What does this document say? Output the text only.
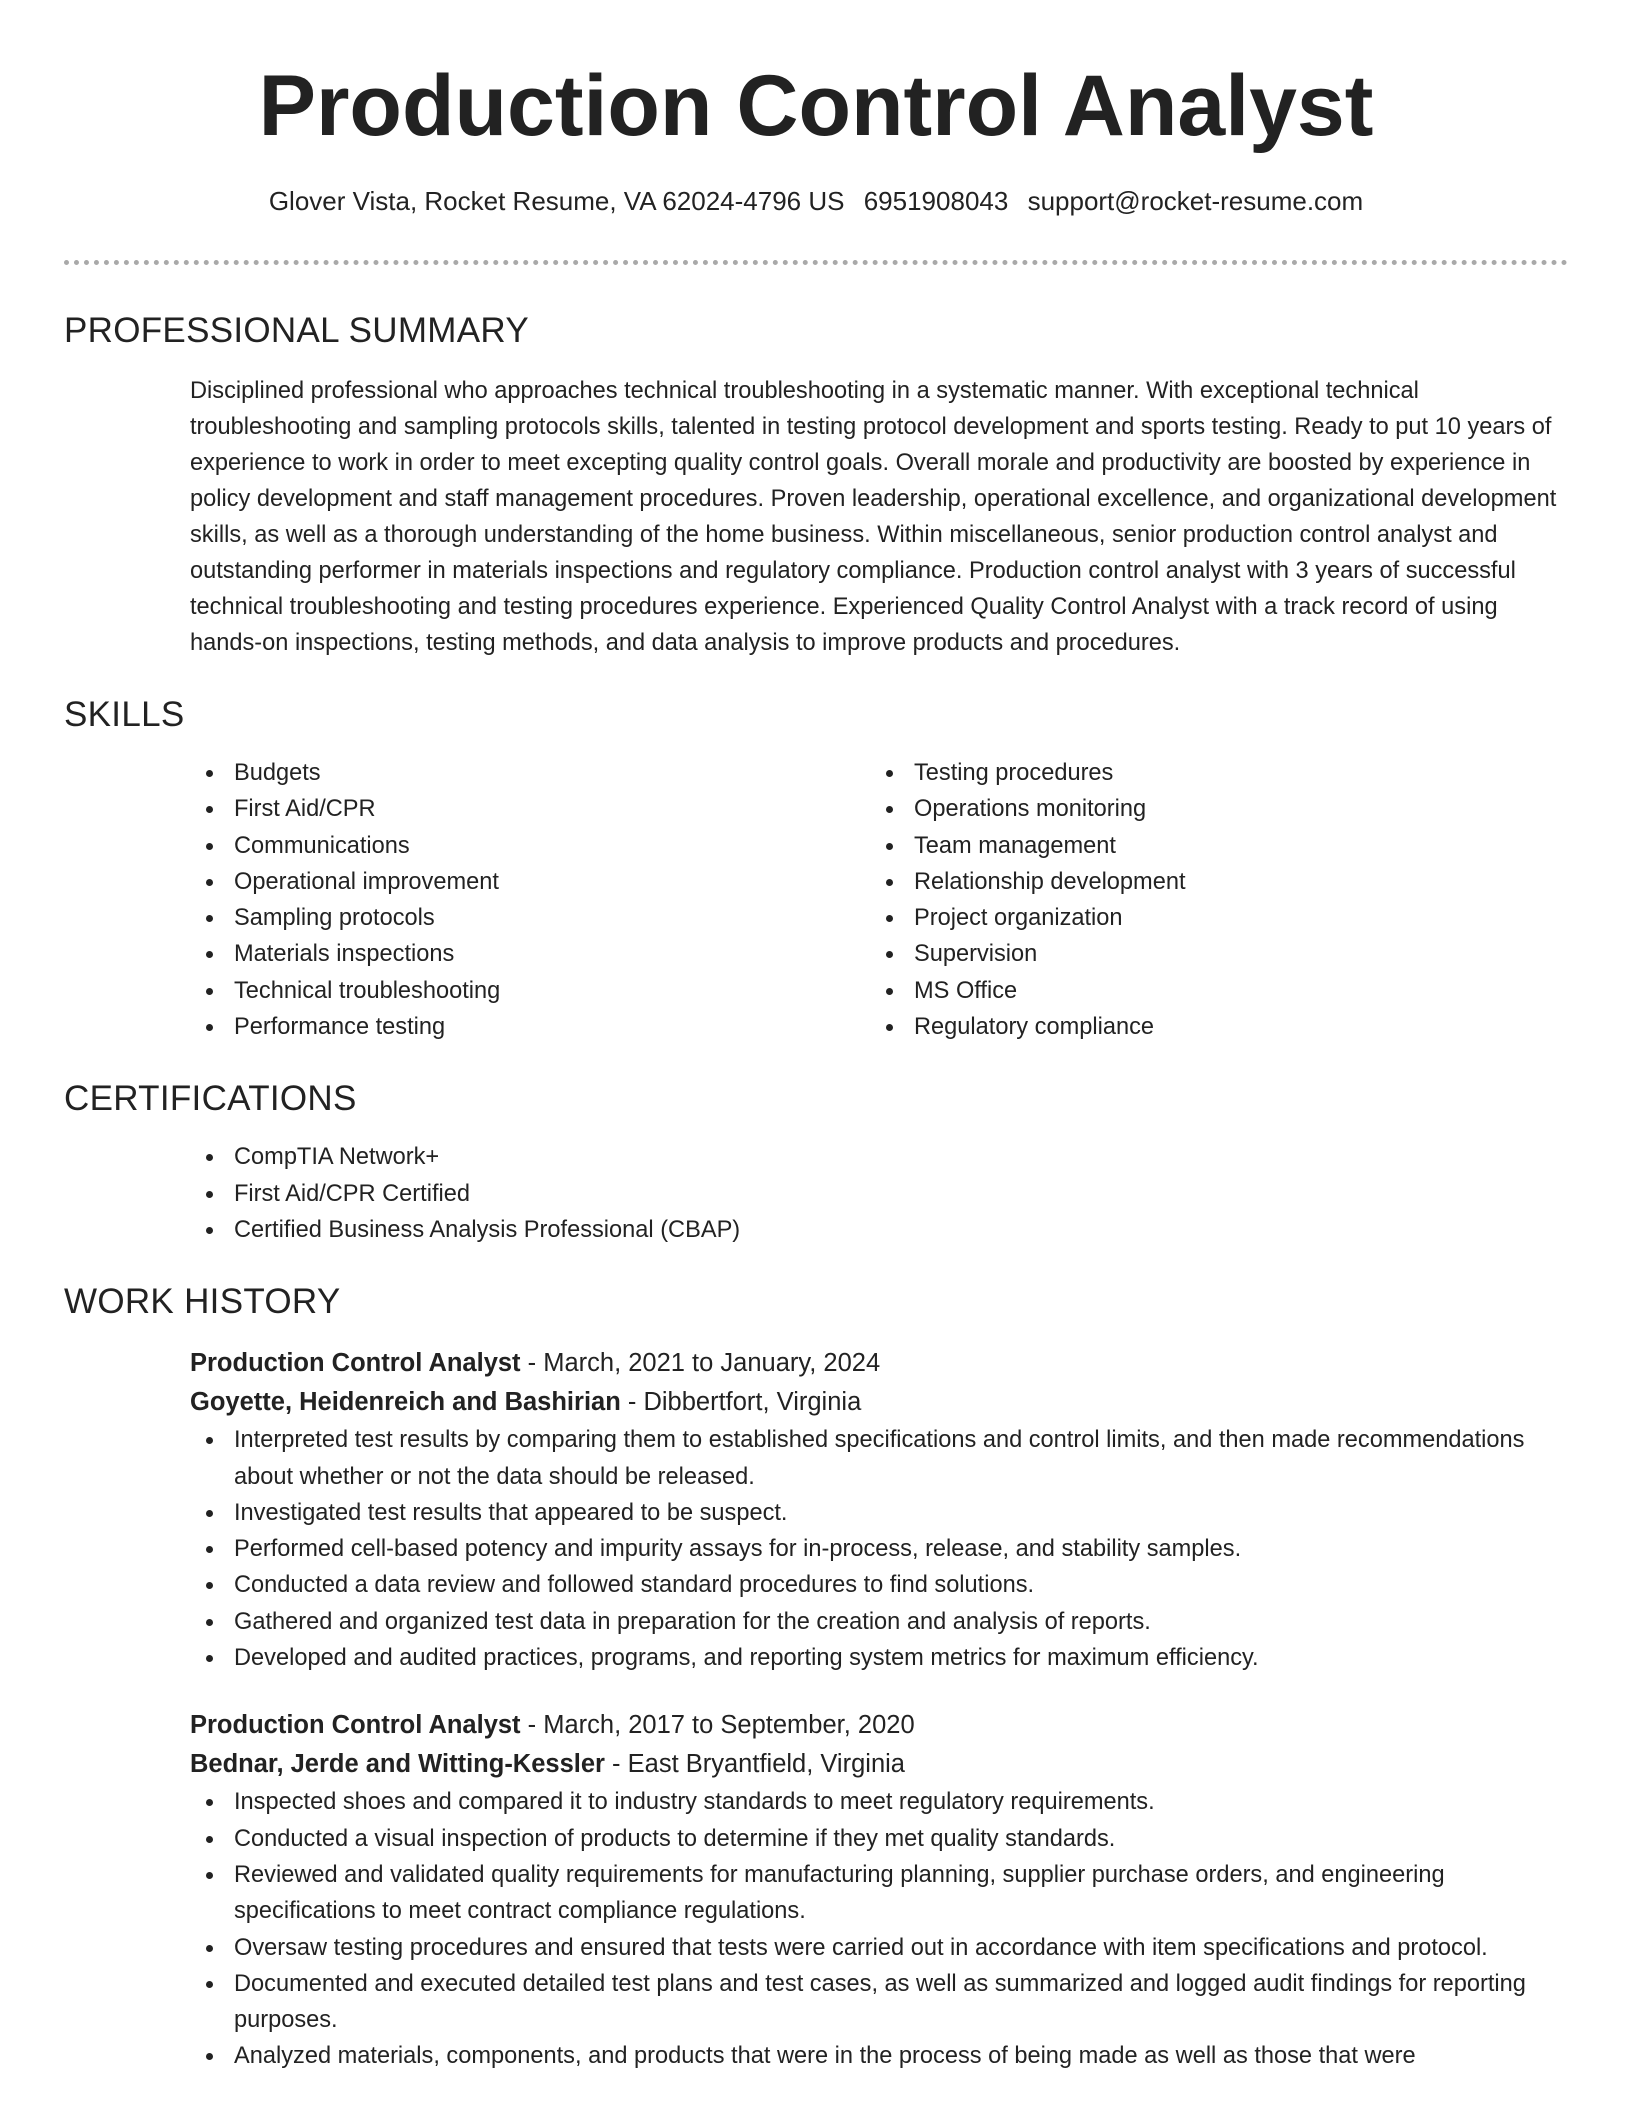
Production Control Analyst
Glover Vista, Rocket Resume, VA 62024-4796 US 6951908043 support@rocket-resume.com
PROFESSIONAL SUMMARY

Disciplined professional who approaches technical troubleshooting in a systematic manner. With exceptional technical troubleshooting and sampling protocols skills, talented in testing protocol development and sports testing. Ready to put 10 years of experience to work in order to meet excepting quality control goals. Overall morale and productivity are boosted by experience in policy development and staff management procedures. Proven leadership, operational excellence, and organizational development skills, as well as a thorough understanding of the home business. Within miscellaneous, senior production control analyst and outstanding performer in materials inspections and regulatory compliance. Production control analyst with 3 years of successful technical troubleshooting and testing procedures experience. Experienced Quality Control Analyst with a track record of using hands-on inspections, testing methods, and data analysis to improve products and procedures.

SKILLS
Budgets
First Aid/CPR
Communications
Operational improvement
Sampling protocols
Materials inspections
Technical troubleshooting
Performance testing
Testing procedures
Operations monitoring
Team management
Relationship development
Project organization
Supervision
MS Office
Regulatory compliance
CERTIFICATIONS
CompTIA Network+
First Aid/CPR Certified
Certified Business Analysis Professional (CBAP)
WORK HISTORY
Production Control Analyst - March, 2021 to January, 2024
Goyette, Heidenreich and Bashirian - Dibbertfort, Virginia
Interpreted test results by comparing them to established specifications and control limits, and then made recommendations about whether or not the data should be released.
Investigated test results that appeared to be suspect.
Performed cell-based potency and impurity assays for in-process, release, and stability samples.
Conducted a data review and followed standard procedures to find solutions.
Gathered and organized test data in preparation for the creation and analysis of reports.
Developed and audited practices, programs, and reporting system metrics for maximum efficiency.
Production Control Analyst - March, 2017 to September, 2020
Bednar, Jerde and Witting-Kessler - East Bryantfield, Virginia
Inspected shoes and compared it to industry standards to meet regulatory requirements.
Conducted a visual inspection of products to determine if they met quality standards.
Reviewed and validated quality requirements for manufacturing planning, supplier purchase orders, and engineering specifications to meet contract compliance regulations.
Oversaw testing procedures and ensured that tests were carried out in accordance with item specifications and protocol.
Documented and executed detailed test plans and test cases, as well as summarized and logged audit findings for reporting purposes.
Analyzed materials, components, and products that were in the process of being made as well as those that were
